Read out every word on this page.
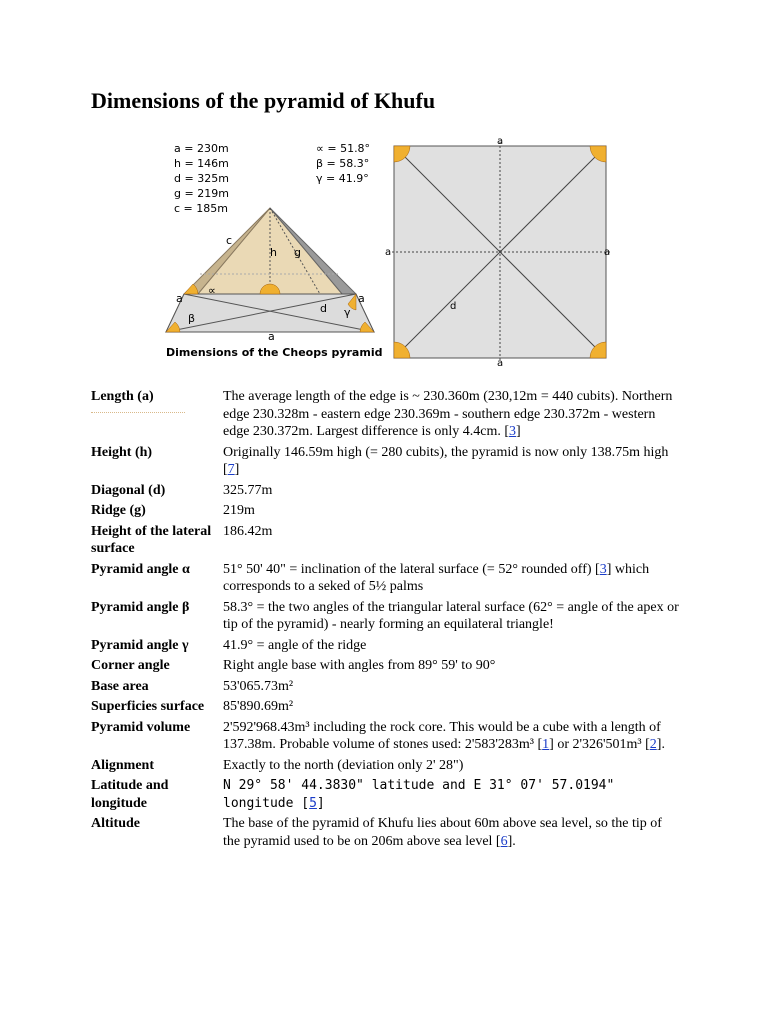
Dimensions of the pyramid of Khufu
a = 230m
h = 146m
d = 325m
g = 219m
c = 185m
∝ = 51.8°
β = 58.3°
γ = 41.9°
c
h g
∝
a	a
d
β	γ
a
Dimensions of the Cheops pyramid
a
a	a
a
d
Length (a)	The average length of the edge is ~ 230.360m (230,12m = 440 cubits). Northern edge 230.328m - eastern edge 230.369m - southern edge 230.372m - western edge 230.372m. Largest difference is only 4.4cm. [3]
Height (h)	Originally 146.59m high (= 280 cubits), the pyramid is now only 138.75m high [7]
Diagonal (d)	325.77m
Ridge (g)	219m
Height of the lateral surface	186.42m
Pyramid angle α	51° 50' 40" = inclination of the lateral surface (= 52° rounded off) [3] which corresponds to a seked of 5½ palms
Pyramid angle β	58.3° = the two angles of the triangular lateral surface (62° = angle of the apex or tip of the pyramid) - nearly forming an equilateral triangle!
Pyramid angle γ	41.9° = angle of the ridge
Corner angle	Right angle base with angles from 89° 59' to 90°
Base area	53'065.73m²
Superficies surface	85'890.69m²
Pyramid volume	2'592'968.43m³ including the rock core. This would be a cube with a length of 137.38m. Probable volume of stones used: 2'583'283m³ [1] or 2'326'501m³ [2].
Alignment	Exactly to the north (deviation only 2' 28")
Latitude and longitude	N 29° 58' 44.3830" latitude and E 31° 07' 57.0194" longitude [5]
Altitude	The base of the pyramid of Khufu lies about 60m above sea level, so the tip of the pyramid used to be on 206m above sea level [6].
